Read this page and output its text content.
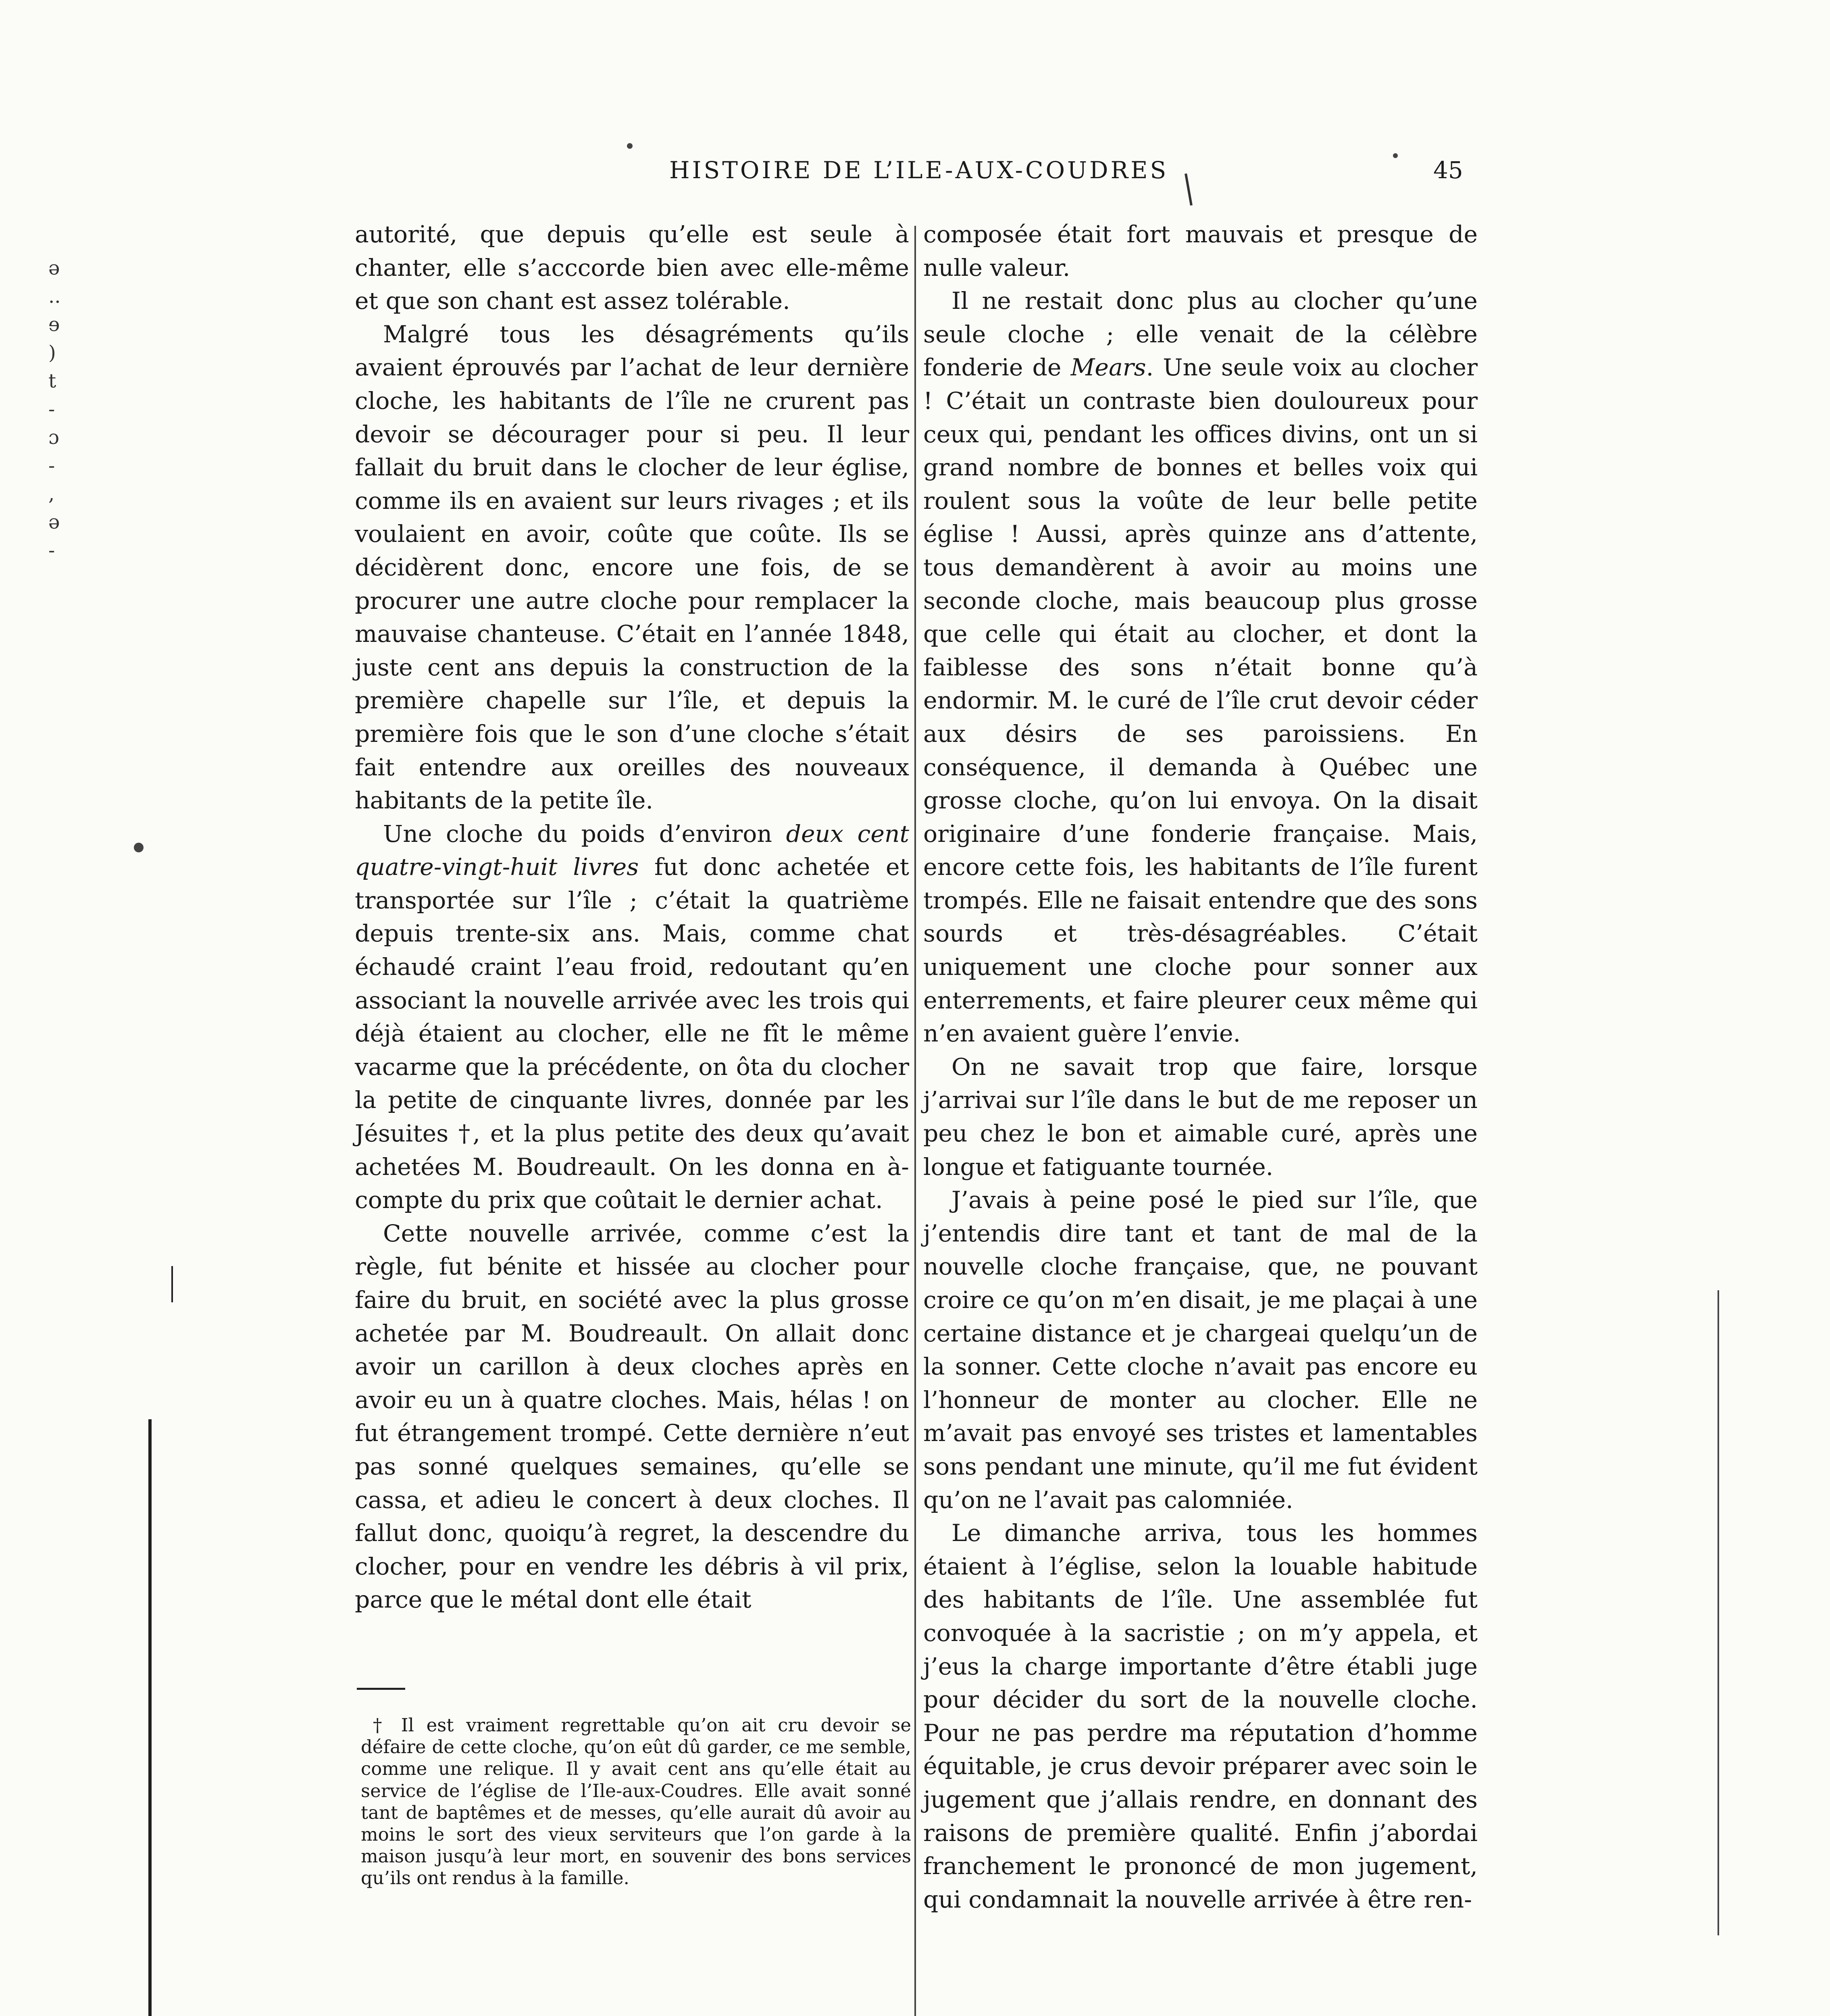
HISTOIRE DE L’ILE-AUX-COUDRES	45

ə
..
ɘ
)
t
-
ɔ
-
,
ə
-

autorité, que depuis qu’elle est seule à chanter, elle s’acccorde bien avec elle-même et que son chant est assez tolérable.

Malgré tous les désagréments qu’ils avaient éprouvés par l’achat de leur dernière cloche, les habitants de l’île ne crurent pas devoir se décourager pour si peu. Il leur fallait du bruit dans le clocher de leur église, comme ils en avaient sur leurs rivages ; et ils voulaient en avoir, coûte que coûte. Ils se décidèrent donc, encore une fois, de se procurer une autre cloche pour remplacer la mauvaise chanteuse. C’était en l’année 1848, juste cent ans depuis la construction de la première chapelle sur l’île, et depuis la première fois que le son d’une cloche s’était fait entendre aux oreilles des nouveaux habitants de la petite île.

Une cloche du poids d’environ deux cent quatre-vingt-huit livres fut donc achetée et transportée sur l’île ; c’était la quatrième depuis trente-six ans. Mais, comme chat échaudé craint l’eau froid, redoutant qu’en associant la nouvelle arrivée avec les trois qui déjà étaient au clocher, elle ne fît le même vacarme que la précédente, on ôta du clocher la petite de cinquante livres, donnée par les Jésuites †, et la plus petite des deux qu’avait achetées M. Boudreault. On les donna en à-compte du prix que coûtait le dernier achat.

Cette nouvelle arrivée, comme c’est la règle, fut bénite et hissée au clocher pour faire du bruit, en société avec la plus grosse achetée par M. Boudreault. On allait donc avoir un carillon à deux cloches après en avoir eu un à quatre cloches. Mais, hélas ! on fut étrangement trompé. Cette dernière n’eut pas sonné quelques semaines, qu’elle se cassa, et adieu le concert à deux cloches. Il fallut donc, quoiqu’à regret, la descendre du clocher, pour en vendre les débris à vil prix, parce que le métal dont elle était

† Il est vraiment regrettable qu’on ait cru devoir se défaire de cette cloche, qu’on eût dû garder, ce me semble, comme une relique. Il y avait cent ans qu’elle était au service de l’église de l’Ile-aux-Coudres. Elle avait sonné tant de baptêmes et de messes, qu’elle aurait dû avoir au moins le sort des vieux serviteurs que l’on garde à la maison jusqu’à leur mort, en souvenir des bons services qu’ils ont rendus à la famille.

composée était fort mauvais et presque de nulle valeur.

Il ne restait donc plus au clocher qu’une seule cloche ; elle venait de la célèbre fonderie de Mears. Une seule voix au clocher ! C’était un contraste bien douloureux pour ceux qui, pendant les offices divins, ont un si grand nombre de bonnes et belles voix qui roulent sous la voûte de leur belle petite église ! Aussi, après quinze ans d’attente, tous demandèrent à avoir au moins une seconde cloche, mais beaucoup plus grosse que celle qui était au clocher, et dont la faiblesse des sons n’était bonne qu’à endormir. M. le curé de l’île crut devoir céder aux désirs de ses paroissiens. En conséquence, il demanda à Québec une grosse cloche, qu’on lui envoya. On la disait originaire d’une fonderie française. Mais, encore cette fois, les habitants de l’île furent trompés. Elle ne faisait entendre que des sons sourds et très-désagréables. C’était uniquement une cloche pour sonner aux enterrements, et faire pleurer ceux même qui n’en avaient guère l’envie.

On ne savait trop que faire, lorsque j’arrivai sur l’île dans le but de me reposer un peu chez le bon et aimable curé, après une longue et fatiguante tournée.

J’avais à peine posé le pied sur l’île, que j’entendis dire tant et tant de mal de la nouvelle cloche française, que, ne pouvant croire ce qu’on m’en disait, je me plaçai à une certaine distance et je chargeai quelqu’un de la sonner. Cette cloche n’avait pas encore eu l’honneur de monter au clocher. Elle ne m’avait pas envoyé ses tristes et lamentables sons pendant une minute, qu’il me fut évident qu’on ne l’avait pas calomniée.

Le dimanche arriva, tous les hommes étaient à l’église, selon la louable habitude des habitants de l’île. Une assemblée fut convoquée à la sacristie ; on m’y appela, et j’eus la charge importante d’être établi juge pour décider du sort de la nouvelle cloche. Pour ne pas perdre ma réputation d’homme équitable, je crus devoir préparer avec soin le jugement que j’allais rendre, en donnant des raisons de première qualité. Enfin j’abordai franchement le prononcé de mon jugement, qui condamnait la nouvelle arrivée à être ren-
